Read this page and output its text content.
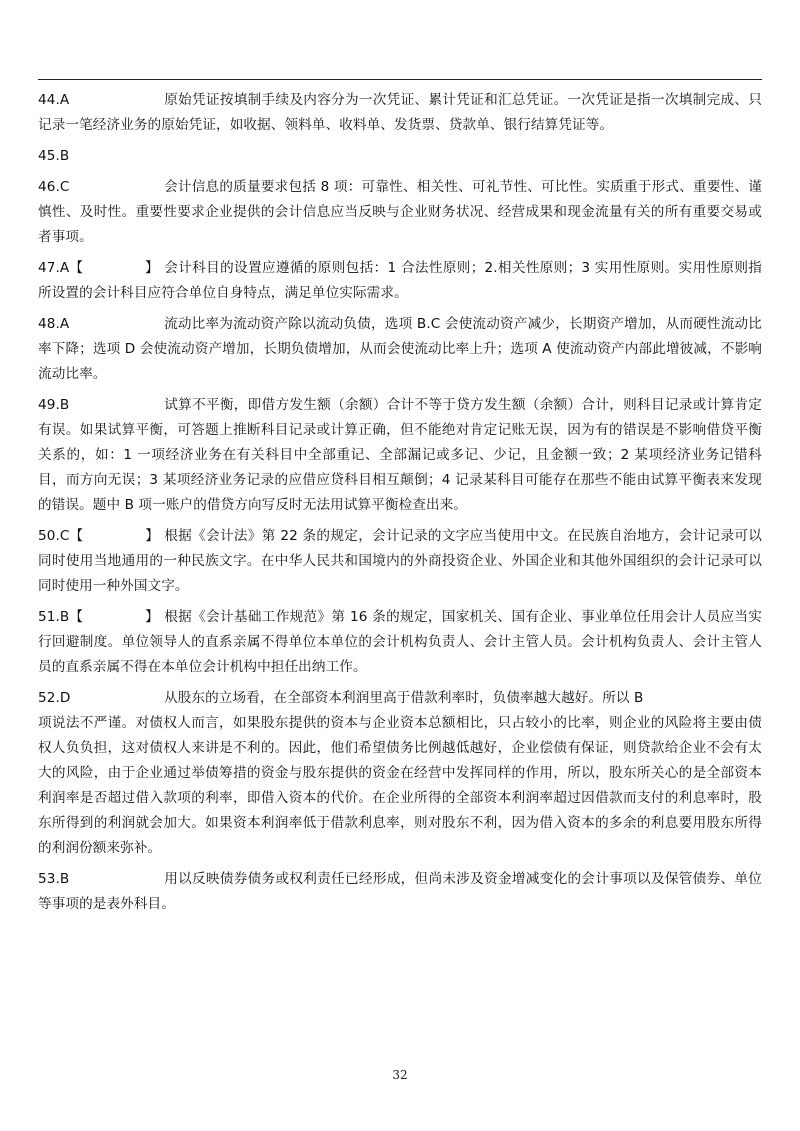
44.A	原始凭证按填制手续及内容分为一次凭证、累计凭证和汇总凭证。一次凭证是指一次填制完成、只记录一笔经济业务的原始凭证，如收据、领料单、收料单、发货票、贷款单、银行结算凭证等。

45.B

46.C	会计信息的质量要求包括 8 项：可靠性、相关性、可礼节性、可比性。实质重于形式、重要性、谨慎性、及时性。重要性要求企业提供的会计信息应当反映与企业财务状况、经营成果和现金流量有关的所有重要交易或者事项。

47.A【	】 会计科目的设置应遵循的原则包括：1 合法性原则；2.相关性原则；3 实用性原则。实用性原则指所设置的会计科目应符合单位自身特点，满足单位实际需求。

48.A	流动比率为流动资产除以流动负债，选项 B.C 会使流动资产减少，长期资产增加，从而硬性流动比率下降；选项 D 会使流动资产增加，长期负债增加，从而会使流动比率上升；选项 A 使流动资产内部此增彼减，不影响流动比率。

49.B	试算不平衡，即借方发生额（余额）合计不等于贷方发生额（余额）合计，则科目记录或计算肯定有误。如果试算平衡，可答题上推断科目记录或计算正确，但不能绝对肯定记账无误，因为有的错误是不影响借贷平衡关系的，如：1 一项经济业务在有关科目中全部重记、全部漏记或多记、少记，且金额一致；2 某项经济业务记错科目，而方向无误；3 某项经济业务记录的应借应贷科目相互颠倒；4 记录某科目可能存在那些不能由试算平衡表来发现的错误。题中 B 项一账户的借贷方向写反时无法用试算平衡检查出来。

50.C【	】 根据《会计法》第 22 条的规定，会计记录的文字应当使用中文。在民族自治地方，会计记录可以同时使用当地通用的一种民族文字。在中华人民共和国境内的外商投资企业、外国企业和其他外国组织的会计记录可以同时使用一种外国文字。

51.B【	】 根据《会计基础工作规范》第 16 条的规定，国家机关、国有企业、事业单位任用会计人员应当实行回避制度。单位领导人的直系亲属不得单位本单位的会计机构负责人、会计主管人员。会计机构负责人、会计主管人员的直系亲属不得在本单位会计机构中担任出纳工作。

52.D	从股东的立场看，在全部资本利润里高于借款利率时，负债率越大越好。所以 B

项说法不严谨。对债权人而言，如果股东提供的资本与企业资本总额相比，只占较小的比率，则企业的风险将主要由债权人负负担，这对债权人来讲是不利的。因此，他们希望债务比例越低越好，企业偿债有保证，则贷款给企业不会有太大的风险，由于企业通过举债筹措的资金与股东提供的资金在经营中发挥同样的作用，所以，股东所关心的是全部资本利润率是否超过借入款项的利率，即借入资本的代价。在企业所得的全部资本利润率超过因借款而支付的利息率时，股东所得到的利润就会加大。如果资本利润率低于借款利息率，则对股东不利，因为借入资本的多余的利息要用股东所得的利润份额来弥补。

53.B	用以反映债券债务或权利责任已经形成，但尚未涉及资金增减变化的会计事项以及保管债券、单位等事项的是表外科目。

32
